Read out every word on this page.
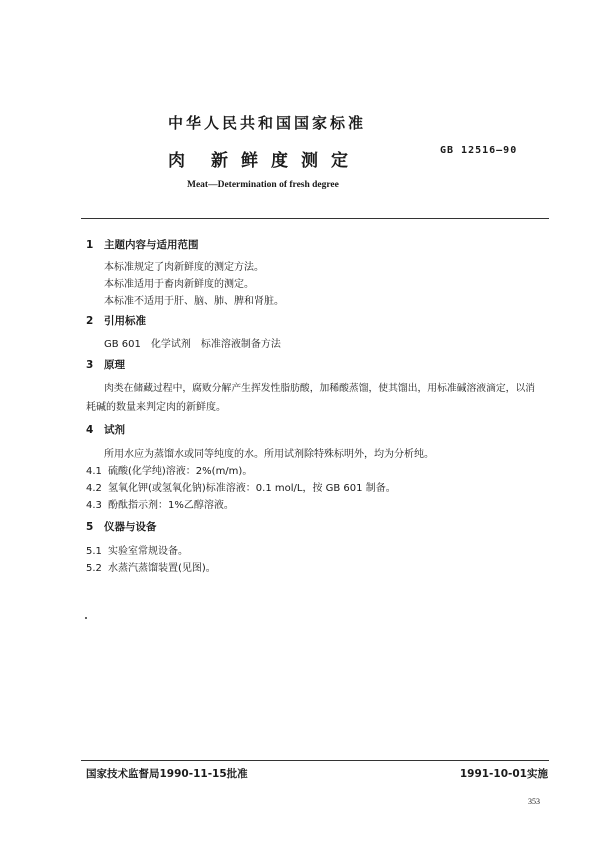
中华人民共和国国家标准
肉 新 鲜 度 测 定
GB 12516—90
Meat—Determination of fresh degree
1 主题内容与适用范围
本标准规定了肉新鲜度的测定方法。
本标准适用于畜肉新鲜度的测定。
本标准不适用于肝、脑、肺、脾和肾脏。
2 引用标准
GB 601　化学试剂　标准溶液制备方法
3 原理
肉类在储藏过程中，腐败分解产生挥发性脂肪酸，加稀酸蒸馏，使其馏出，用标准碱溶液滴定，以消
耗碱的数量来判定肉的新鲜度。
4 试剂
所用水应为蒸馏水或同等纯度的水。所用试剂除特殊标明外，均为分析纯。
4.1 硫酸(化学纯)溶液：2%(m/m)。
4.2 氢氧化钾(或氢氧化钠)标准溶液：0.1 mol/L，按 GB 601 制备。
4.3 酚酞指示剂：1%乙醇溶液。
5 仪器与设备
5.1 实验室常规设备。
5.2 水蒸汽蒸馏装置(见图)。
国家技术监督局1990-11-15批准	1991-10-01实施
353
